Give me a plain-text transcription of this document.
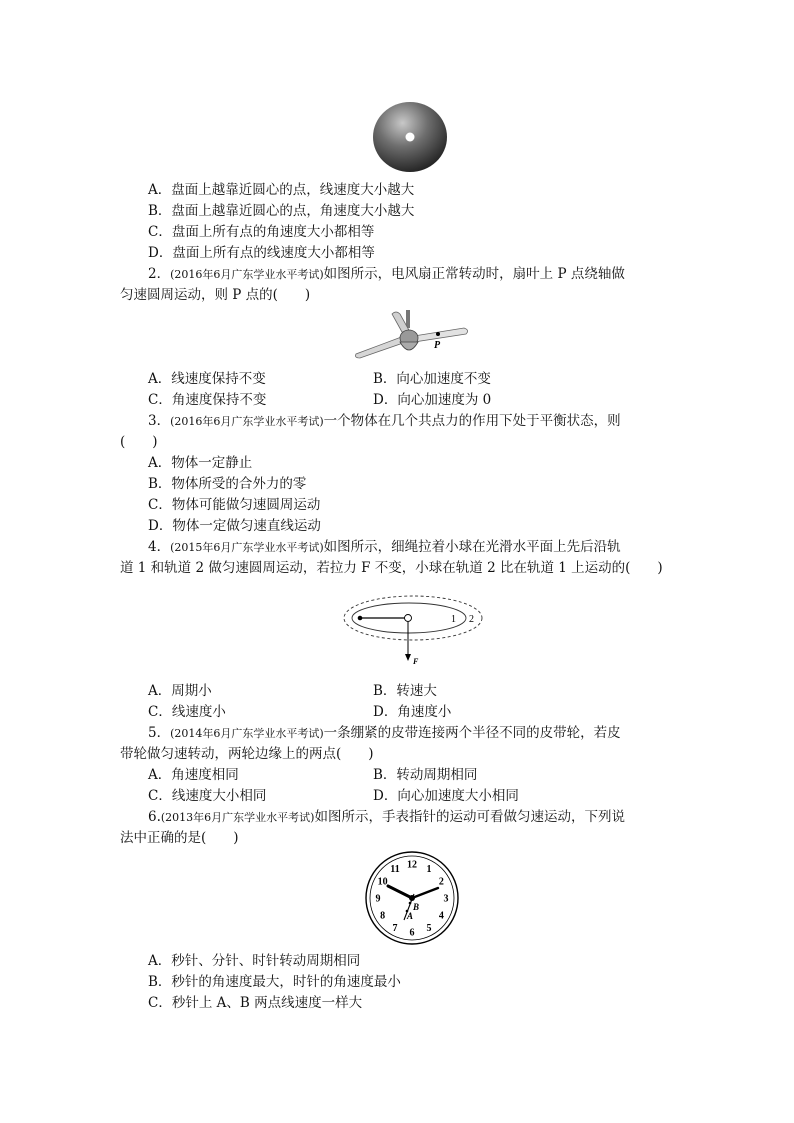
A．盘面上越靠近圆心的点，线速度大小越大
B．盘面上越靠近圆心的点，角速度大小越大
C．盘面上所有点的角速度大小都相等
D．盘面上所有点的线速度大小都相等
2．(2016年6月广东学业水平考试)如图所示，电风扇正常转动时，扇叶上 P 点绕轴做
匀速圆周运动，则 P 点的(　　)
P
A．线速度保持不变	B．向心加速度不变
C．角速度保持不变	D．向心加速度为 0
3．(2016年6月广东学业水平考试)一个物体在几个共点力的作用下处于平衡状态，则
(　　)
A．物体一定静止
B．物体所受的合外力的零
C．物体可能做匀速圆周运动
D．物体一定做匀速直线运动
4．(2015年6月广东学业水平考试)如图所示，细绳拉着小球在光滑水平面上先后沿轨
道 1 和轨道 2 做匀速圆周运动，若拉力 F 不变，小球在轨道 2 比在轨道 1 上运动的(　　)
1 2
F
A．周期小	B．转速大
C．线速度小	D．角速度小
5．(2014年6月广东学业水平考试)一条绷紧的皮带连接两个半径不同的皮带轮，若皮
带轮做匀速转动，两轮边缘上的两点(　　)
A．角速度相同	B．转动周期相同
C．线速度大小相同	D．向心加速度大小相同
6.(2013年6月广东学业水平考试)如图所示，手表指针的运动可看做匀速运动，下列说
法中正确的是(　　)
12 1
2
3
4
5
6
7
8
9
10
11
B
A
A．秒针、分针、时针转动周期相同
B．秒针的角速度最大，时针的角速度最小
C．秒针上 A、B 两点线速度一样大
